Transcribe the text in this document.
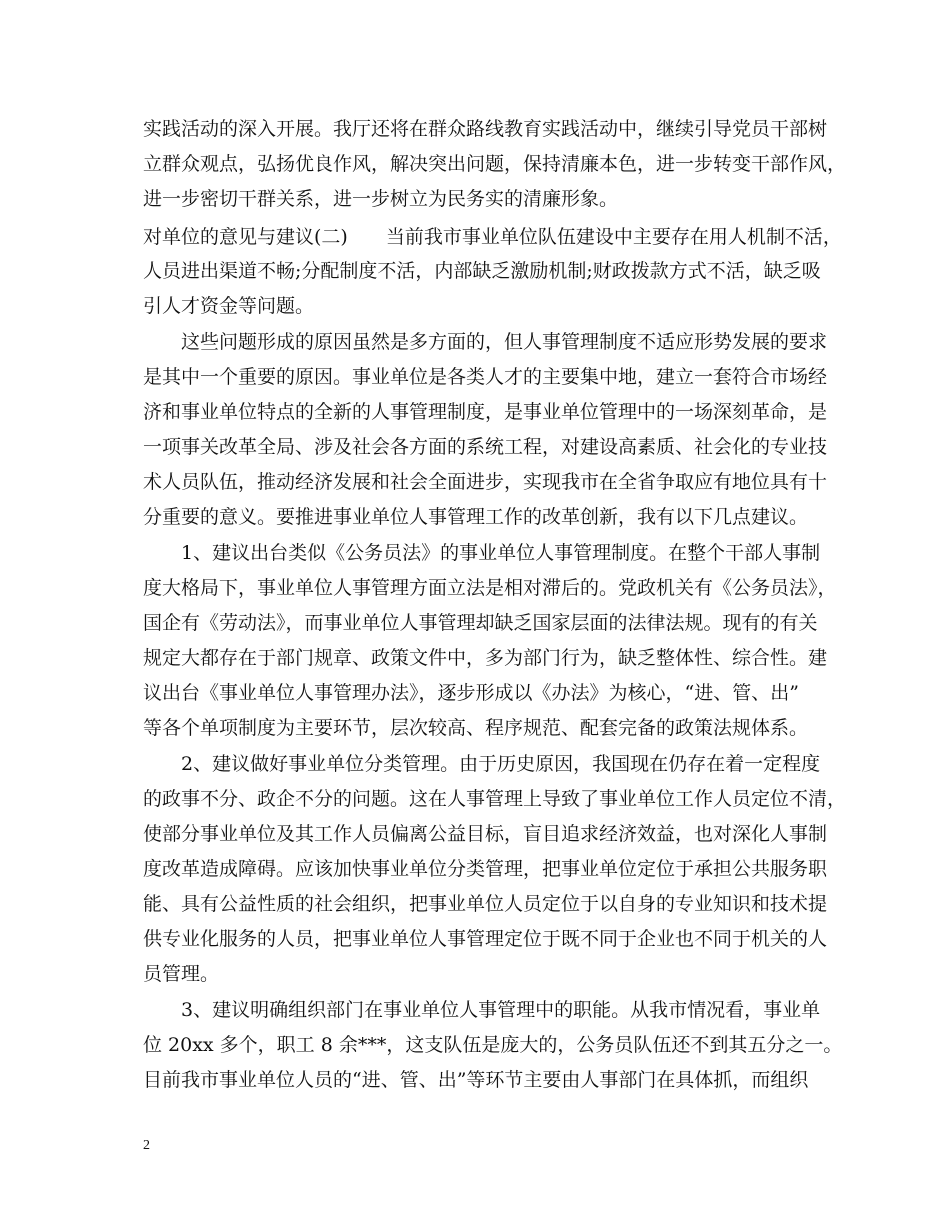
实践活动的深入开展。我厅还将在群众路线教育实践活动中，继续引导党员干部树
立群众观点，弘扬优良作风，解决突出问题，保持清廉本色，进一步转变干部作风，
进一步密切干群关系，进一步树立为民务实的清廉形象。
对单位的意见与建议(二)　　当前我市事业单位队伍建设中主要存在用人机制不活，
人员进出渠道不畅;分配制度不活，内部缺乏激励机制;财政拨款方式不活，缺乏吸
引人才资金等问题。
　　这些问题形成的原因虽然是多方面的，但人事管理制度不适应形势发展的要求
是其中一个重要的原因。事业单位是各类人才的主要集中地，建立一套符合市场经
济和事业单位特点的全新的人事管理制度，是事业单位管理中的一场深刻革命，是
一项事关改革全局、涉及社会各方面的系统工程，对建设高素质、社会化的专业技
术人员队伍，推动经济发展和社会全面进步，实现我市在全省争取应有地位具有十
分重要的意义。要推进事业单位人事管理工作的改革创新，我有以下几点建议。
　　1、建议出台类似《公务员法》的事业单位人事管理制度。在整个干部人事制
度大格局下，事业单位人事管理方面立法是相对滞后的。党政机关有《公务员法》，
国企有《劳动法》，而事业单位人事管理却缺乏国家层面的法律法规。现有的有关
规定大都存在于部门规章、政策文件中，多为部门行为，缺乏整体性、综合性。建
议出台《事业单位人事管理办法》，逐步形成以《办法》为核心，“进、管、出”
等各个单项制度为主要环节，层次较高、程序规范、配套完备的政策法规体系。
　　2、建议做好事业单位分类管理。由于历史原因，我国现在仍存在着一定程度
的政事不分、政企不分的问题。这在人事管理上导致了事业单位工作人员定位不清，
使部分事业单位及其工作人员偏离公益目标，盲目追求经济效益，也对深化人事制
度改革造成障碍。应该加快事业单位分类管理，把事业单位定位于承担公共服务职
能、具有公益性质的社会组织，把事业单位人员定位于以自身的专业知识和技术提
供专业化服务的人员，把事业单位人事管理定位于既不同于企业也不同于机关的人
员管理。
　　3、建议明确组织部门在事业单位人事管理中的职能。从我市情况看，事业单
位 20xx 多个，职工 8 余***，这支队伍是庞大的，公务员队伍还不到其五分之一。
目前我市事业单位人员的“进、管、出”等环节主要由人事部门在具体抓，而组织
2
